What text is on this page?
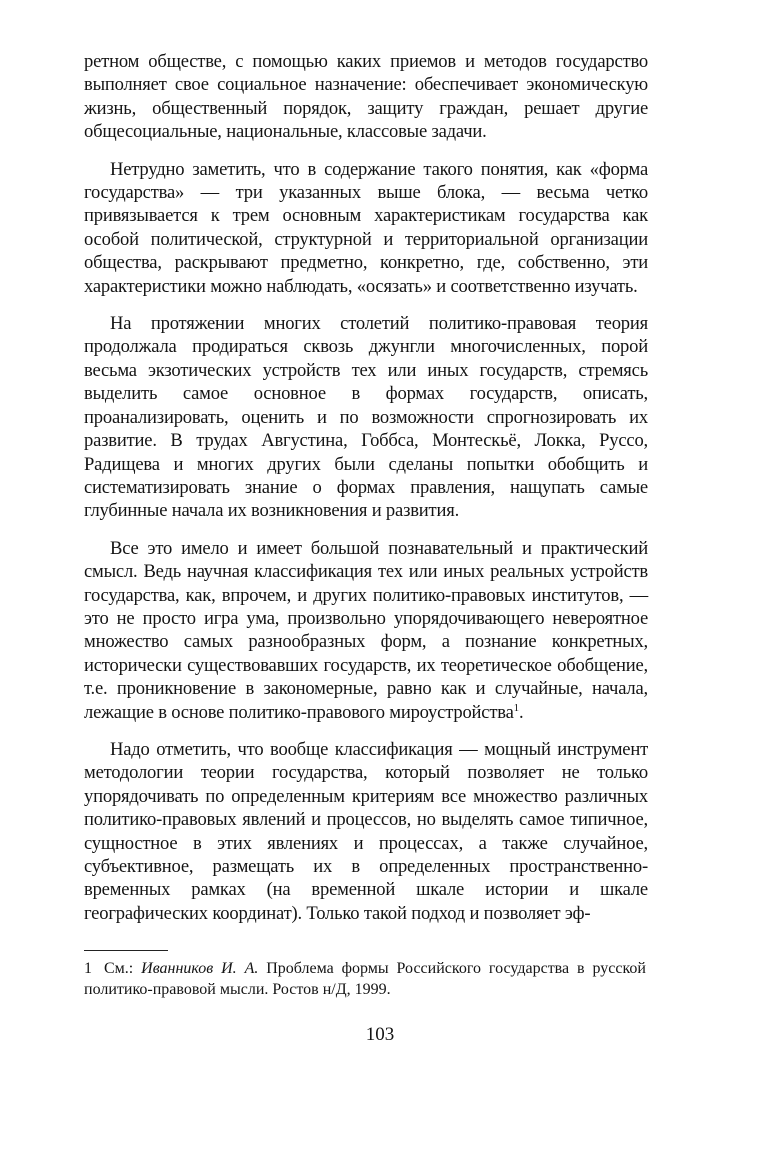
ретном обществе, с помощью каких приемов и методов государство выполняет свое социальное назначение: обеспечивает экономическую жизнь, общественный порядок, защиту граждан, решает другие общесоциальные, национальные, классовые задачи.

Нетрудно заметить, что в содержание такого понятия, как «форма государства» — три указанных выше блока, — весьма четко привязывается к трем основным характеристикам государства как особой политической, структурной и территориальной организации общества, раскрывают предметно, конкретно, где, собственно, эти характеристики можно наблюдать, «осязать» и соответственно изучать.

На протяжении многих столетий политико-правовая теория продолжала продираться сквозь джунгли многочисленных, порой весьма экзотических устройств тех или иных государств, стремясь выделить самое основное в формах государств, описать, проанализировать, оценить и по возможности спрогнозировать их развитие. В трудах Августина, Гоббса, Монтескьё, Локка, Руссо, Радищева и многих других были сделаны попытки обобщить и систематизировать знание о формах правления, нащупать самые глубинные начала их возникновения и развития.

Все это имело и имеет большой познавательный и практический смысл. Ведь научная классификация тех или иных реальных устройств государства, как, впрочем, и других политико-правовых институтов, — это не просто игра ума, произвольно упорядочивающего невероятное множество самых разнообразных форм, а познание конкретных, исторически существовавших государств, их теоретическое обобщение, т.е. проникновение в закономерные, равно как и случайные, начала, лежащие в основе политико-правового мироустройства$^1$.

Надо отметить, что вообще классификация — мощный инструмент методологии теории государства, который позволяет не только упорядочивать по определенным критериям все множество различных политико-правовых явлений и процессов, но выделять самое типичное, сущностное в этих явлениях и процессах, а также случайное, субъективное, размещать их в определенных пространственно-временных рамках (на временной шкале истории и шкале географических координат). Только такой подход и позволяет эф-

1 См.: Иванников И. А. Проблема формы Российского государства в русской политико-правовой мысли. Ростов н/Д, 1999.
103
